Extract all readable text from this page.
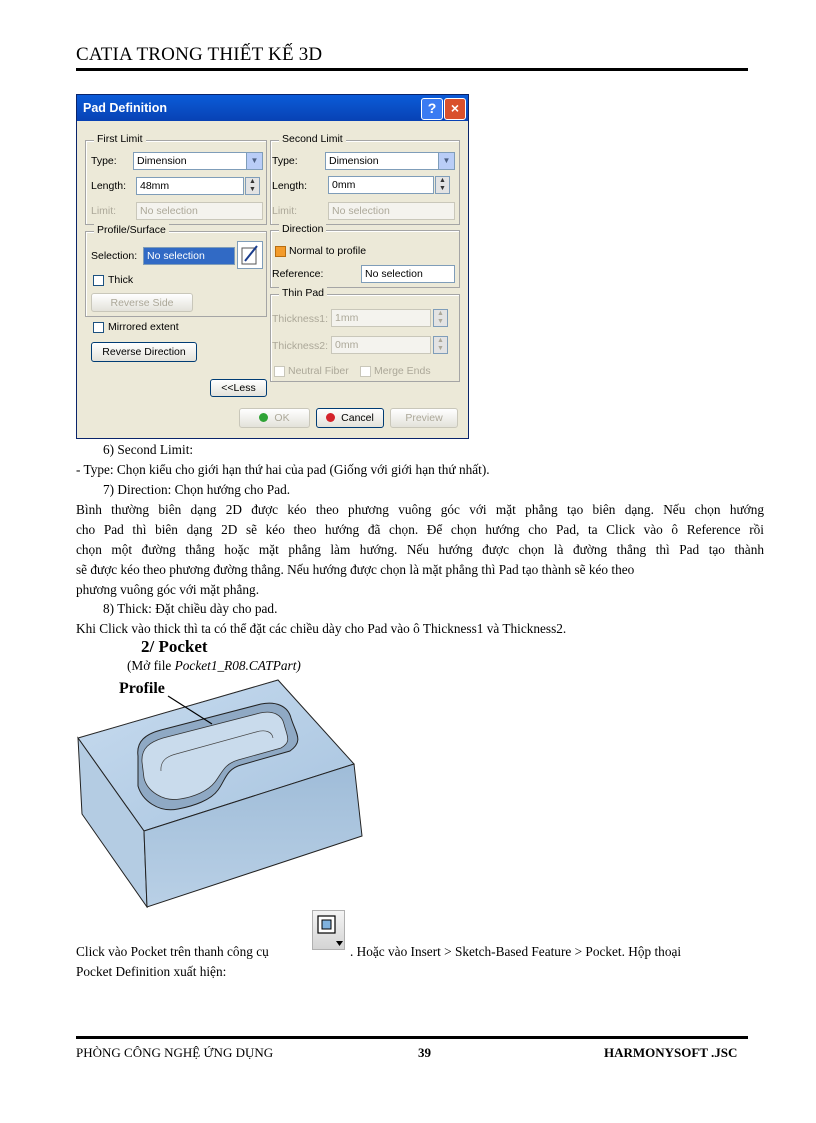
CATIA TRONG THIẾT KẾ 3D
Pad Definition	?	×
First Limit
Type:	Dimension	▼
Length:	48mm	▲
▼
Limit:	No selection
Profile/Surface
Selection: No selection
Thick
Reverse Side
Mirrored extent
Reverse Direction
Second Limit
Type:	Dimension	▼
Length:	0mm	▲
▼
Limit:	No selection
Direction
Normal to profile
Reference:	No selection
Thin Pad
Thickness1: 1mm	▲
▼
Thickness2: 0mm	▲
▼
Neutral Fiber Merge Ends
<<Less
OK	Cancel	Preview
6) Second Limit:
- Type: Chọn kiểu cho giới hạn thứ hai của pad (Giống với giới hạn thứ nhất).
7) Direction: Chọn hướng cho Pad.
Bình thường biên dạng 2D được kéo theo phương vuông góc với mặt phẳng tạo biên dạng. Nếu chọn hướng
cho Pad thì biên dạng 2D sẽ kéo theo hướng đã chọn. Để chọn hướng cho Pad, ta Click vào ô Reference rồi
chọn một đường thẳng hoặc mặt phẳng làm hướng. Nếu hướng được chọn là đường thẳng thì Pad tạo thành
sẽ được kéo theo phương đường thẳng. Nếu hướng được chọn là mặt phẳng thì Pad tạo thành sẽ kéo theo
phương vuông góc với mặt phẳng.
8) Thick: Đặt chiều dày cho pad.
Khi Click vào thick thì ta có thể đặt các chiều dày cho Pad vào ô Thickness1 và Thickness2.
2/ Pocket
(Mở file Pocket1_R08.CATPart)
Profile
Click vào Pocket trên thanh công cụ	. Hoặc vào Insert > Sketch-Based Feature > Pocket. Hộp thoại
Pocket Definition xuất hiện:
PHÒNG CÔNG NGHỆ ỨNG DỤNG	39	HARMONYSOFT .JSC
